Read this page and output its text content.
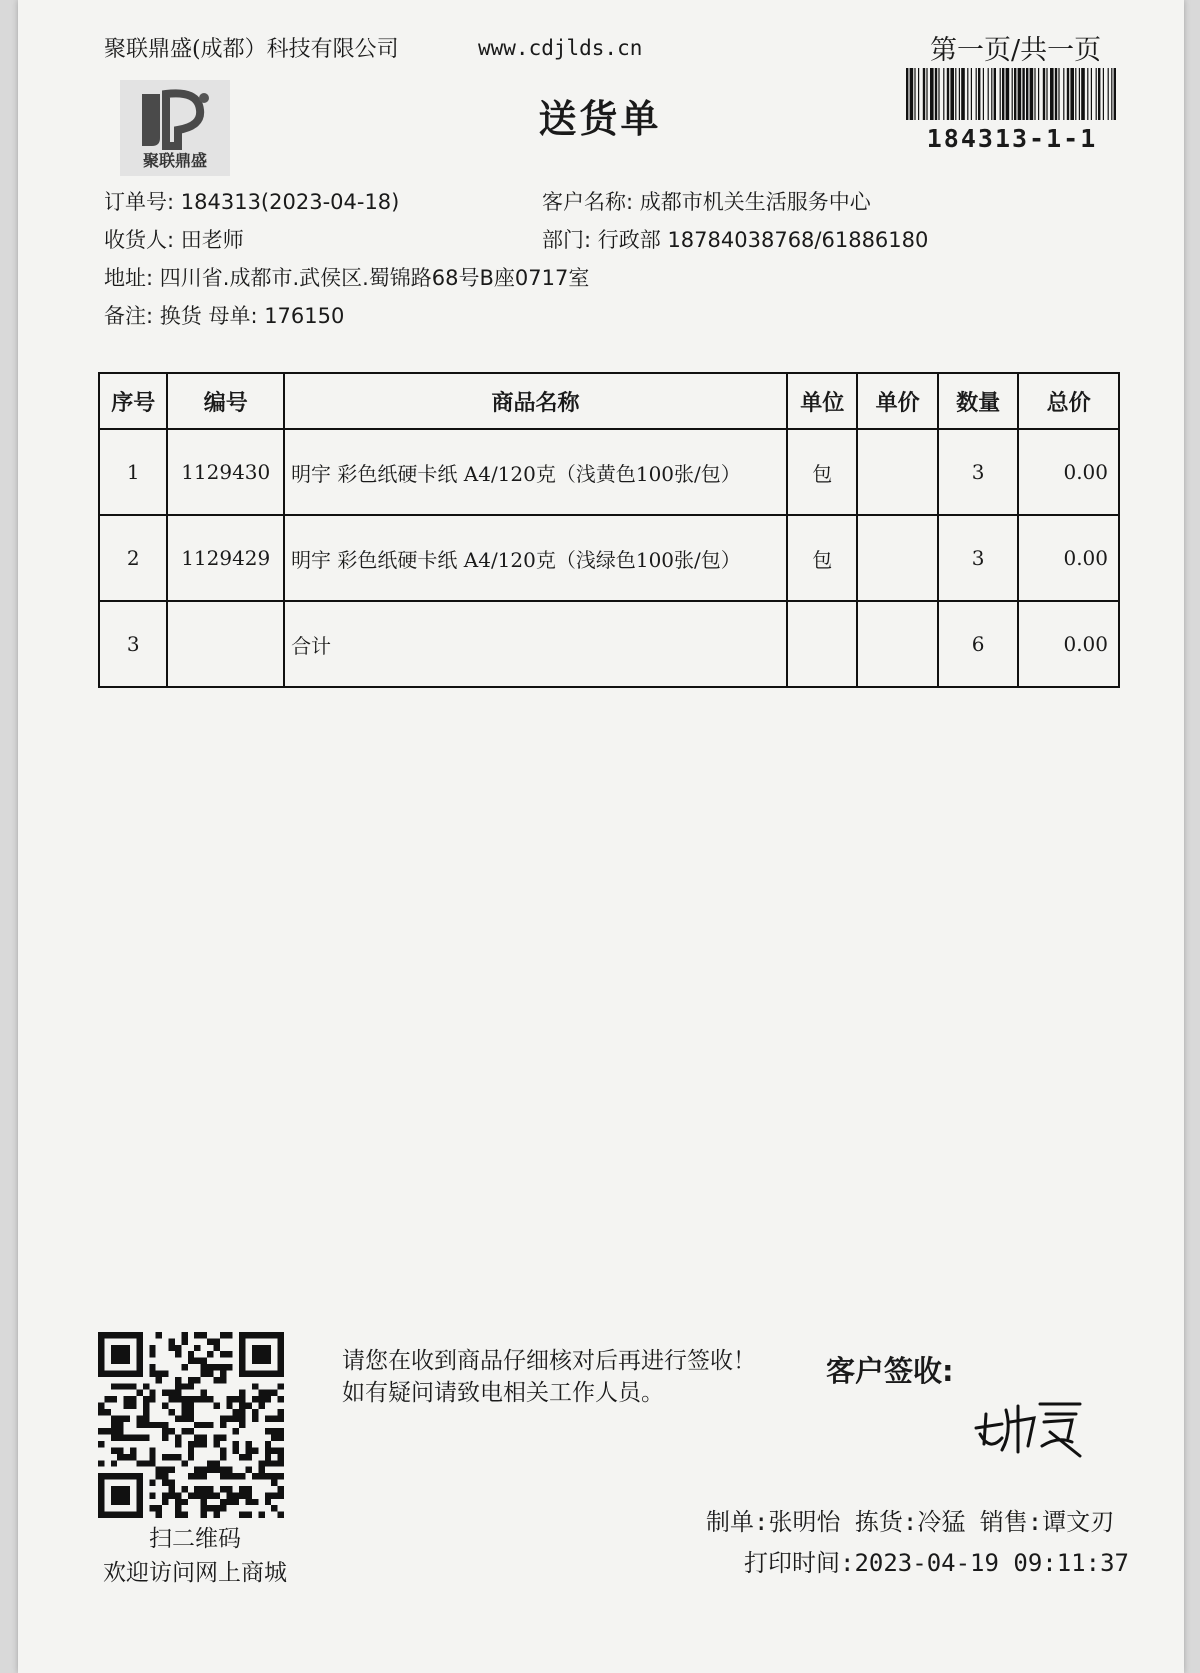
聚联鼎盛(成都）科技有限公司	www.cdjlds.cn	第一页/共一页
184313-1-1
聚联鼎盛
送货单
订单号: 184313(2023-04-18)	客户名称: 成都市机关生活服务中心
收货人: 田老师	部门: 行政部 18784038768/61886180
地址: 四川省.成都市.武侯区.蜀锦路68号B座0717室
备注: 换货 母单: 176150
序号	编号	商品名称	单位	单价	数量	总价
1	1129430	明宇 彩色纸硬卡纸 A4/120克（浅黄色100张/包）	包		3	0.00
2	1129429	明宇 彩色纸硬卡纸 A4/120克（浅绿色100张/包）	包		3	0.00
3		合计			6	0.00
扫二维码
欢迎访问网上商城
请您在收到商品仔细核对后再进行签收！如有疑问请致电相关工作人员。
客户签收:
制单:张明怡 拣货:冷猛 销售:谭文刃
打印时间:2023-04-19 09:11:37
